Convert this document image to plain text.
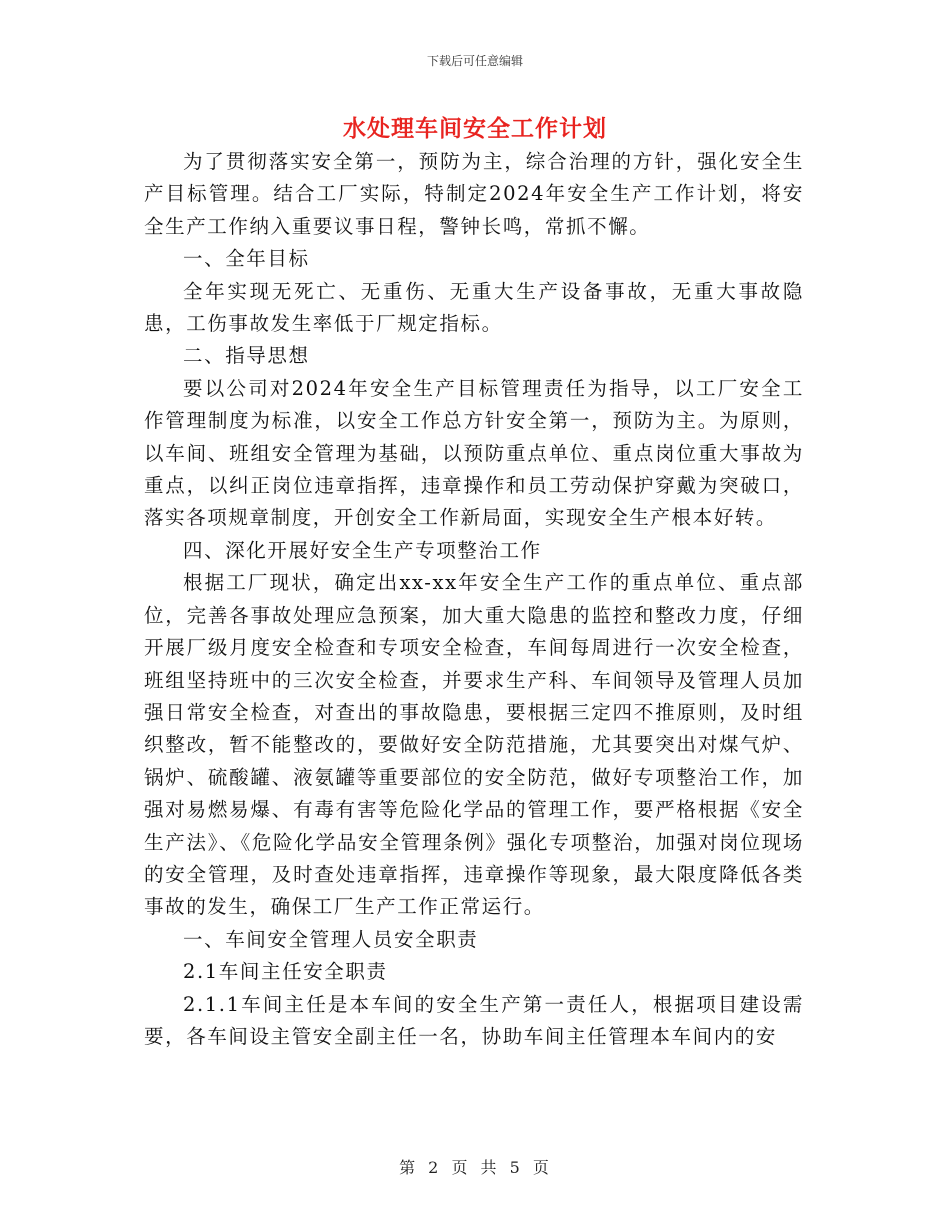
下载后可任意编辑
水处理车间安全工作计划

为了贯彻落实安全第一，预防为主，综合治理的方针，强化安全生产目标管理。结合工厂实际，特制定2024年安全生产工作计划，将安全生产工作纳入重要议事日程，警钟长鸣，常抓不懈。

一、全年目标

全年实现无死亡、无重伤、无重大生产设备事故，无重大事故隐患，工伤事故发生率低于厂规定指标。

二、指导思想

要以公司对2024年安全生产目标管理责任为指导，以工厂安全工作管理制度为标准，以安全工作总方针安全第一，预防为主。为原则，以车间、班组安全管理为基础，以预防重点单位、重点岗位重大事故为重点，以纠正岗位违章指挥，违章操作和员工劳动保护穿戴为突破口，落实各项规章制度，开创安全工作新局面，实现安全生产根本好转。

四、深化开展好安全生产专项整治工作

根据工厂现状，确定出xx-xx年安全生产工作的重点单位、重点部位，完善各事故处理应急预案，加大重大隐患的监控和整改力度，仔细开展厂级月度安全检查和专项安全检查，车间每周进行一次安全检查，班组坚持班中的三次安全检查，并要求生产科、车间领导及管理人员加强日常安全检查，对查出的事故隐患，要根据三定四不推原则，及时组织整改，暂不能整改的，要做好安全防范措施，尤其要突出对煤气炉、锅炉、硫酸罐、液氨罐等重要部位的安全防范，做好专项整治工作，加强对易燃易爆、有毒有害等危险化学品的管理工作，要严格根据《安全生产法》、《危险化学品安全管理条例》强化专项整治，加强对岗位现场的安全管理，及时查处违章指挥，违章操作等现象，最大限度降低各类事故的发生，确保工厂生产工作正常运行。

一、车间安全管理人员安全职责

2.1车间主任安全职责

2.1.1车间主任是本车间的安全生产第一责任人，根据项目建设需要，各车间设主管安全副主任一名，协助车间主任管理本车间内的安

第 2 页 共 5 页
